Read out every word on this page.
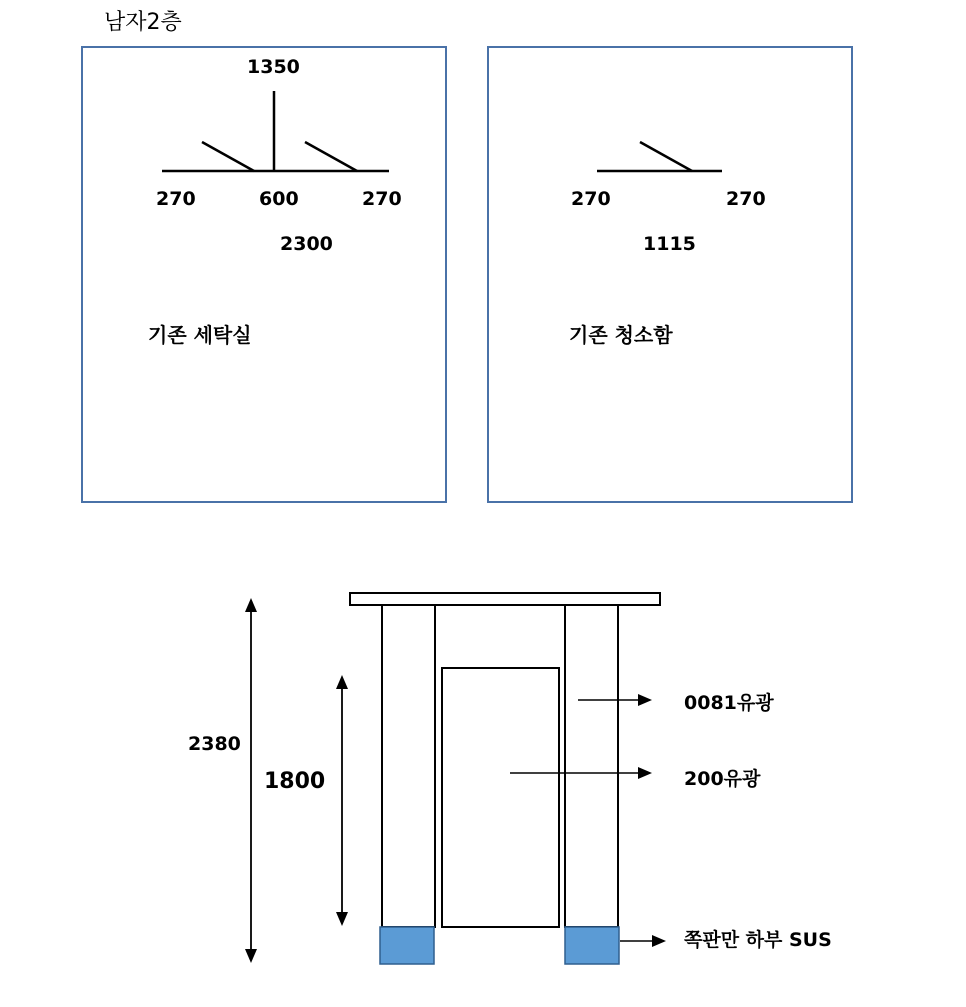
남자2층
1350
270	600	270
2300
기존 세탁실
270	270
1115
기존 청소함
2380
1800
0081유광
200유광
쪽판만 하부 SUS
